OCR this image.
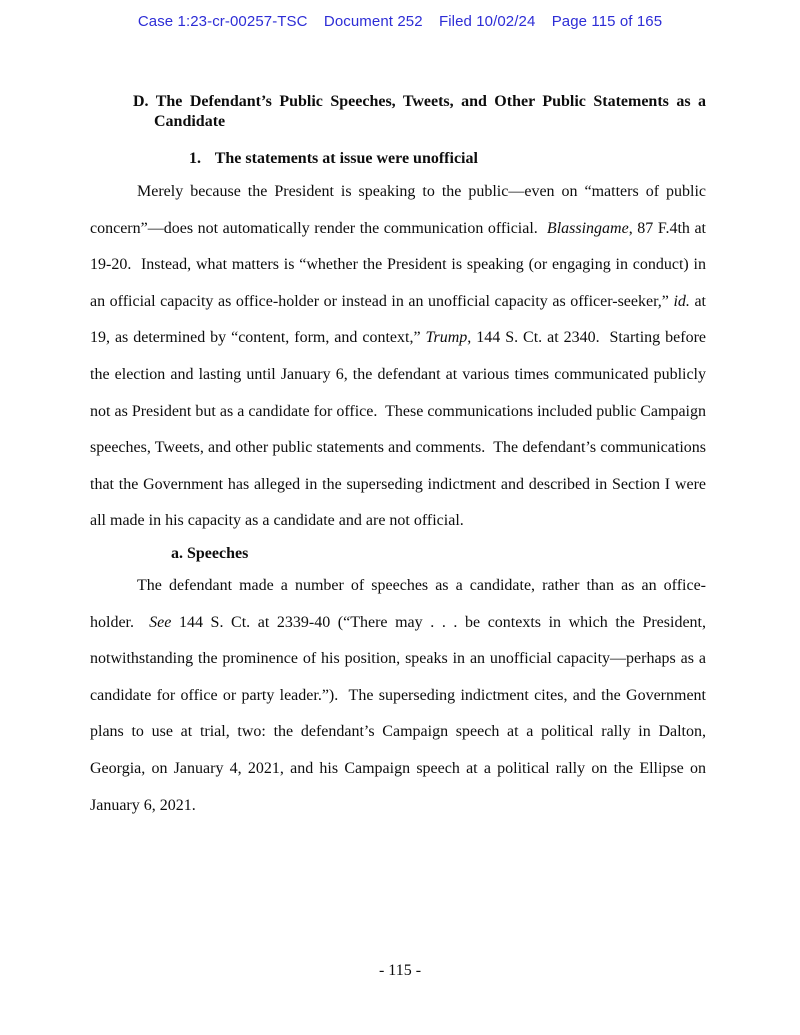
Case 1:23-cr-00257-TSC Document 252 Filed 10/02/24 Page 115 of 165
D. The Defendant’s Public Speeches, Tweets, and Other Public Statements as a Candidate
1. The statements at issue were unofficial

Merely because the President is speaking to the public—even on “matters of public concern”—does not automatically render the communication official.  Blassingame, 87 F.4th at 19-20.  Instead, what matters is “whether the President is speaking (or engaging in conduct) in an official capacity as office-holder or instead in an unofficial capacity as officer-seeker,” id. at 19, as determined by “content, form, and context,” Trump, 144 S. Ct. at 2340.  Starting before the election and lasting until January 6, the defendant at various times communicated publicly not as President but as a candidate for office.  These communications included public Campaign speeches, Tweets, and other public statements and comments.  The defendant’s communications that the Government has alleged in the superseding indictment and described in Section I were all made in his capacity as a candidate and are not official.

a. Speeches

The defendant made a number of speeches as a candidate, rather than as an office-holder.  See 144 S. Ct. at 2339-40 (“There may . . . be contexts in which the President, notwithstanding the prominence of his position, speaks in an unofficial capacity—perhaps as a candidate for office or party leader.”).  The superseding indictment cites, and the Government plans to use at trial, two: the defendant’s Campaign speech at a political rally in Dalton, Georgia, on January 4, 2021, and his Campaign speech at a political rally on the Ellipse on January 6, 2021.

- 115 -
